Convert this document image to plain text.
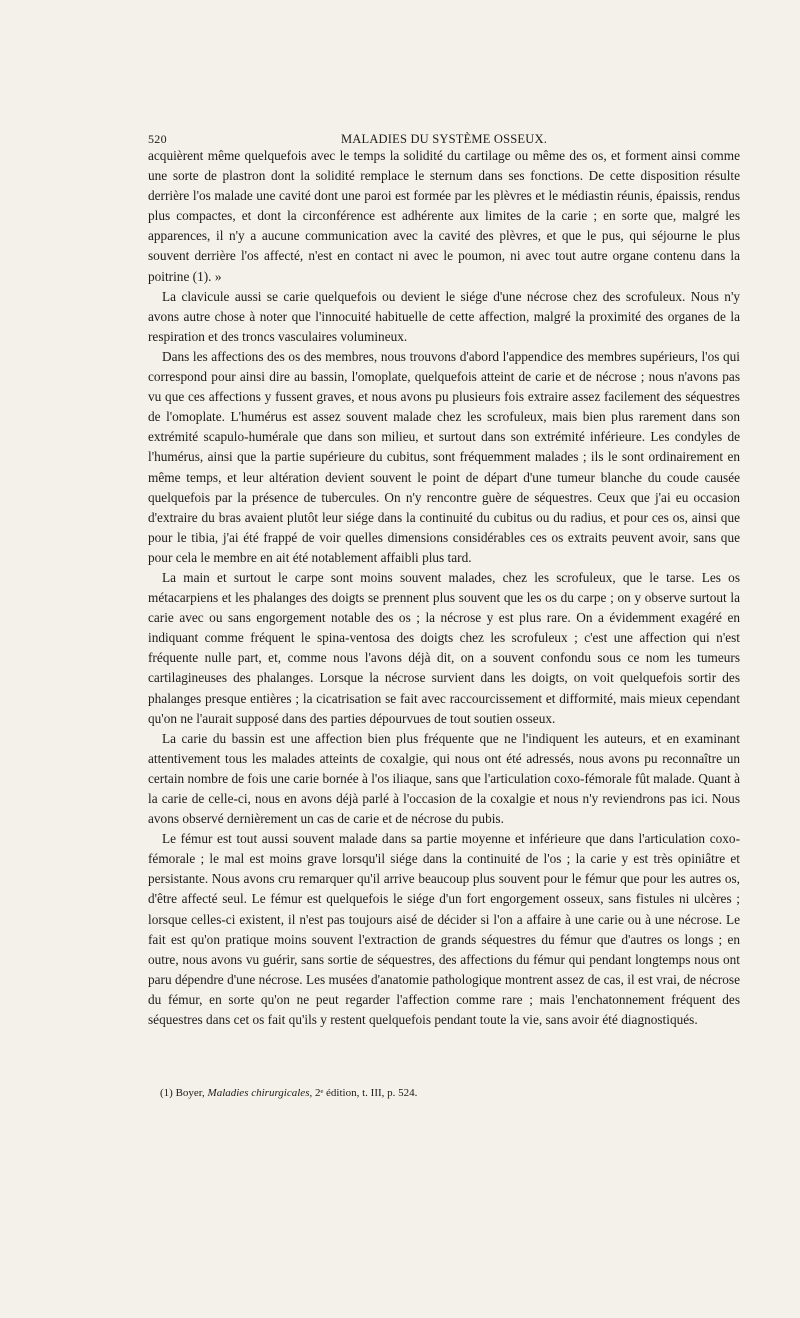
520	MALADIES DU SYSTÈME OSSEUX.

acquièrent même quelquefois avec le temps la solidité du cartilage ou même des os, et forment ainsi comme une sorte de plastron dont la solidité remplace le sternum dans ses fonctions. De cette disposition résulte derrière l'os malade une cavité dont une paroi est formée par les plèvres et le médiastin réunis, épaissis, rendus plus compactes, et dont la circonférence est adhérente aux limites de la carie ; en sorte que, malgré les apparences, il n'y a aucune communication avec la cavité des plèvres, et que le pus, qui séjourne le plus souvent derrière l'os affecté, n'est en contact ni avec le poumon, ni avec tout autre organe contenu dans la poitrine (1). »

La clavicule aussi se carie quelquefois ou devient le siége d'une nécrose chez des scrofuleux. Nous n'y avons autre chose à noter que l'innocuité habituelle de cette affection, malgré la proximité des organes de la respiration et des troncs vasculaires volumineux.

Dans les affections des os des membres, nous trouvons d'abord l'appendice des membres supérieurs, l'os qui correspond pour ainsi dire au bassin, l'omoplate, quelquefois atteint de carie et de nécrose ; nous n'avons pas vu que ces affections y fussent graves, et nous avons pu plusieurs fois extraire assez facilement des séquestres de l'omoplate. L'humérus est assez souvent malade chez les scrofuleux, mais bien plus rarement dans son extrémité scapulo-humérale que dans son milieu, et surtout dans son extrémité inférieure. Les condyles de l'humérus, ainsi que la partie supérieure du cubitus, sont fréquemment malades ; ils le sont ordinairement en même temps, et leur altération devient souvent le point de départ d'une tumeur blanche du coude causée quelquefois par la présence de tubercules. On n'y rencontre guère de séquestres. Ceux que j'ai eu occasion d'extraire du bras avaient plutôt leur siége dans la continuité du cubitus ou du radius, et pour ces os, ainsi que pour le tibia, j'ai été frappé de voir quelles dimensions considérables ces os extraits peuvent avoir, sans que pour cela le membre en ait été notablement affaibli plus tard.

La main et surtout le carpe sont moins souvent malades, chez les scrofuleux, que le tarse. Les os métacarpiens et les phalanges des doigts se prennent plus souvent que les os du carpe ; on y observe surtout la carie avec ou sans engorgement notable des os ; la nécrose y est plus rare. On a évidemment exagéré en indiquant comme fréquent le spina-ventosa des doigts chez les scrofuleux ; c'est une affection qui n'est fréquente nulle part, et, comme nous l'avons déjà dit, on a souvent confondu sous ce nom les tumeurs cartilagineuses des phalanges. Lorsque la nécrose survient dans les doigts, on voit quelquefois sortir des phalanges presque entières ; la cicatrisation se fait avec raccourcissement et difformité, mais mieux cependant qu'on ne l'aurait supposé dans des parties dépourvues de tout soutien osseux.

La carie du bassin est une affection bien plus fréquente que ne l'indiquent les auteurs, et en examinant attentivement tous les malades atteints de coxalgie, qui nous ont été adressés, nous avons pu reconnaître un certain nombre de fois une carie bornée à l'os iliaque, sans que l'articulation coxo-fémorale fût malade. Quant à la carie de celle-ci, nous en avons déjà parlé à l'occasion de la coxalgie et nous n'y reviendrons pas ici. Nous avons observé dernièrement un cas de carie et de nécrose du pubis.

Le fémur est tout aussi souvent malade dans sa partie moyenne et inférieure que dans l'articulation coxo-fémorale ; le mal est moins grave lorsqu'il siége dans la continuité de l'os ; la carie y est très opiniâtre et persistante. Nous avons cru remarquer qu'il arrive beaucoup plus souvent pour le fémur que pour les autres os, d'être affecté seul. Le fémur est quelquefois le siége d'un fort engorgement osseux, sans fistules ni ulcères ; lorsque celles-ci existent, il n'est pas toujours aisé de décider si l'on a affaire à une carie ou à une nécrose. Le fait est qu'on pratique moins souvent l'extraction de grands séquestres du fémur que d'autres os longs ; en outre, nous avons vu guérir, sans sortie de séquestres, des affections du fémur qui pendant longtemps nous ont paru dépendre d'une nécrose. Les musées d'anatomie pathologique montrent assez de cas, il est vrai, de nécrose du fémur, en sorte qu'on ne peut regarder l'affection comme rare ; mais l'enchatonnement fréquent des séquestres dans cet os fait qu'ils y restent quelquefois pendant toute la vie, sans avoir été diagnostiqués.

(1) Boyer, Maladies chirurgicales, 2ᵉ édition, t. III, p. 524.
